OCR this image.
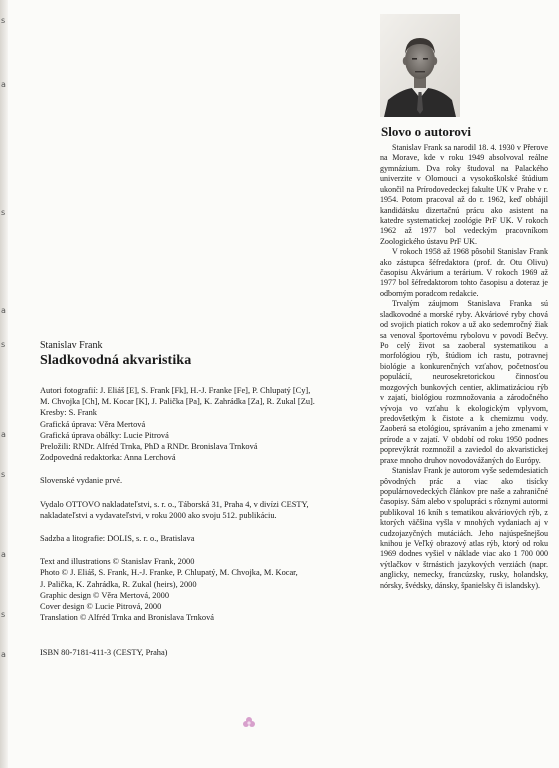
s
a
s
a
s
a
s
a
s
a
Stanislav Frank
Sladkovodná akvaristika
Autori fotografií: J. Eliáš [E], S. Frank [Fk], H.-J. Franke [Fe], P. Chlupatý [Cy],
M. Chvojka [Ch], M. Kocar [K], J. Palička [Pa], K. Zahrádka [Za], R. Zukal [Zu].
Kresby: S. Frank
Grafická úprava: Věra Mertová
Grafická úprava obálky: Lucie Pitrová
Preložili: RNDr. Alfréd Trnka, PhD a RNDr. Bronislava Trnková
Zodpovedná redaktorka: Anna Lerchová
Slovenské vydanie prvé.
Vydalo OTTOVO nakladateľstvi, s. r. o., Táborská 31, Praha 4, v divízi CESTY,
nakladateľstvi a vydavateľstvi, v roku 2000 ako svoju 512. publikáciu.
Sadzba a litografie: DOLIS, s. r. o., Bratislava
Text and illustrations © Stanislav Frank, 2000
Photo © J. Eliáš, S. Frank, H.-J. Franke, P. Chlupatý, M. Chvojka, M. Kocar,
J. Palička, K. Zahrádka, R. Zukal (heirs), 2000
Graphic design © Věra Mertová, 2000
Cover design © Lucie Pitrová, 2000
Translation © Alfréd Trnka and Bronislava Trnková
ISBN 80-7181-411-3 (CESTY, Praha)
Slovo o autorovi

Stanislav Frank sa narodil 18. 4. 1930 v Přerove na Morave, kde v roku 1949 absolvoval reálne gymnázium. Dva roky študoval na Palackého univerzite v Olomouci a vysokoškolské štúdium ukončil na Prírodovedeckej fakulte UK v Prahe v r. 1954. Potom pracoval až do r. 1962, keď obhájil kandidátsku dizertačnú prácu ako asistent na katedre systematickej zoológie PrF UK. V rokoch 1962 až 1977 bol vedeckým pracovníkom Zoologického ústavu PrF UK.

V rokoch 1958 až 1968 pôsobil Stanislav Frank ako zástupca šéfredaktora (prof. dr. Otu Olivu) časopisu Akvárium a terárium. V rokoch 1969 až 1977 bol šéfredaktorom tohto časopisu a doteraz je odborným poradcom redakcie.

Trvalým záujmom Stanislava Franka sú sladkovodné a morské ryby. Akváriové ryby chová od svojich piatich rokov a už ako sedemročný žiak sa venoval športovému rybolovu v povodí Bečvy. Po celý život sa zaoberal systematikou a morfológiou rýb, štúdiom ich rastu, potravnej biológie a konkurenčných vzťahov, početnosťou populácií, neurosekretorickou činnosťou mozgových bunkových centier, aklimatizáciou rýb v zajatí, biológiou rozmnožovania a zárodočného vývoja vo vzťahu k ekologickým vplyvom, predovšetkým k čistote a k chemizmu vody. Zaoberá sa etológiou, správaním a jeho zmenami v prírode a v zajatí. V období od roku 1950 podnes poprevýkrát rozmnožil a zaviedol do akvaristickej praxe mnoho druhov novodovážaných do Európy.

Stanislav Frank je autorom vyše sedemdesiatich pôvodných prác a viac ako tisícky populárnovedeckých článkov pre naše a zahraničné časopisy. Sám alebo v spolupráci s rôznymi autormi publikoval 16 kníh s tematikou akváriových rýb, z ktorých väčšina vyšla v mnohých vydaniach aj v cudzojazyčných mutáciách. Jeho najúspešnejšou knihou je Veľký obrazový atlas rýb, ktorý od roku 1969 dodnes vyšiel v náklade viac ako 1 700 000 výtlačkov v štrnástich jazykových verziách (napr. anglicky, nemecky, francúzsky, rusky, holandsky, nórsky, švédsky, dánsky, španielsky či islandsky).
